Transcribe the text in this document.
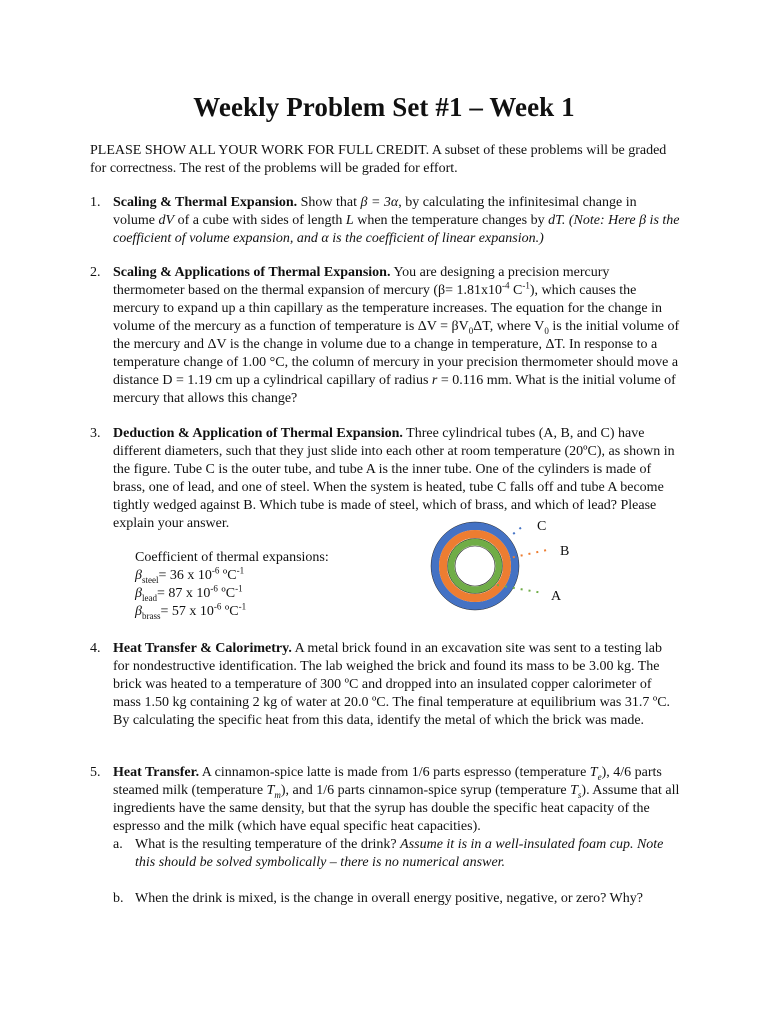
Weekly Problem Set #1 – Week 1

PLEASE SHOW ALL YOUR WORK FOR FULL CREDIT. A subset of these problems will be graded for correctness. The rest of the problems will be graded for effort.

1. Scaling & Thermal Expansion. Show that β = 3α, by calculating the infinitesimal change in volume dV of a cube with sides of length L when the temperature changes by dT. (Note: Here β is the coefficient of volume expansion, and α is the coefficient of linear expansion.)
2. Scaling & Applications of Thermal Expansion. You are designing a precision mercury thermometer based on the thermal expansion of mercury ($\beta= 1.81x10^{-4}$ $C^{-1}$), which causes the mercury to expand up a thin capillary as the temperature increases. The equation for the change in volume of the mercury as a function of temperature is $\Delta V = \beta V_0\Delta T$, where $V_0$ is the initial volume of the mercury and ΔV is the change in volume due to a change in temperature, ΔT. In response to a temperature change of 1.00 °C, the column of mercury in your precision thermometer should move a distance D = 1.19 cm up a cylindrical capillary of radius r = 0.116 mm. What is the initial volume of mercury that allows this change?
3. Deduction & Application of Thermal Expansion. Three cylindrical tubes (A, B, and C) have different diameters, such that they just slide into each other at room temperature (20ºC), as shown in the figure. Tube C is the outer tube, and tube A is the inner tube. One of the cylinders is made of brass, one of lead, and one of steel. When the system is heated, tube C falls off and tube A become tightly wedged against B. Which tube is made of steel, which of brass, and which of lead? Please explain your answer.
Coefficient of thermal expansions:
$\beta_{steel}= 36$ x $10^{-6}$ ºC$^{-1}$
$\beta_{lead}= 87$ x $10^{-6}$ ºC$^{-1}$
$\beta_{brass}= 57$ x $10^{-6}$ ºC$^{-1}$
C
B
A
4. Heat Transfer & Calorimetry. A metal brick found in an excavation site was sent to a testing lab for nondestructive identification. The lab weighed the brick and found its mass to be 3.00 kg. The brick was heated to a temperature of 300 ºC and dropped into an insulated copper calorimeter of mass 1.50 kg containing 2 kg of water at 20.0 ºC. The final temperature at equilibrium was 31.7 ºC. By calculating the specific heat from this data, identify the metal of which the brick was made.
5. Heat Transfer. A cinnamon-spice latte is made from 1/6 parts espresso (temperature $T_e$), 4/6 parts steamed milk (temperature $T_m$), and 1/6 parts cinnamon-spice syrup (temperature $T_s$). Assume that all ingredients have the same density, but that the syrup has double the specific heat capacity of the espresso and the milk (which have equal specific heat capacities).
a. What is the resulting temperature of the drink? Assume it is in a well-insulated foam cup. Note this should be solved symbolically – there is no numerical answer.
b. When the drink is mixed, is the change in overall energy positive, negative, or zero? Why?
